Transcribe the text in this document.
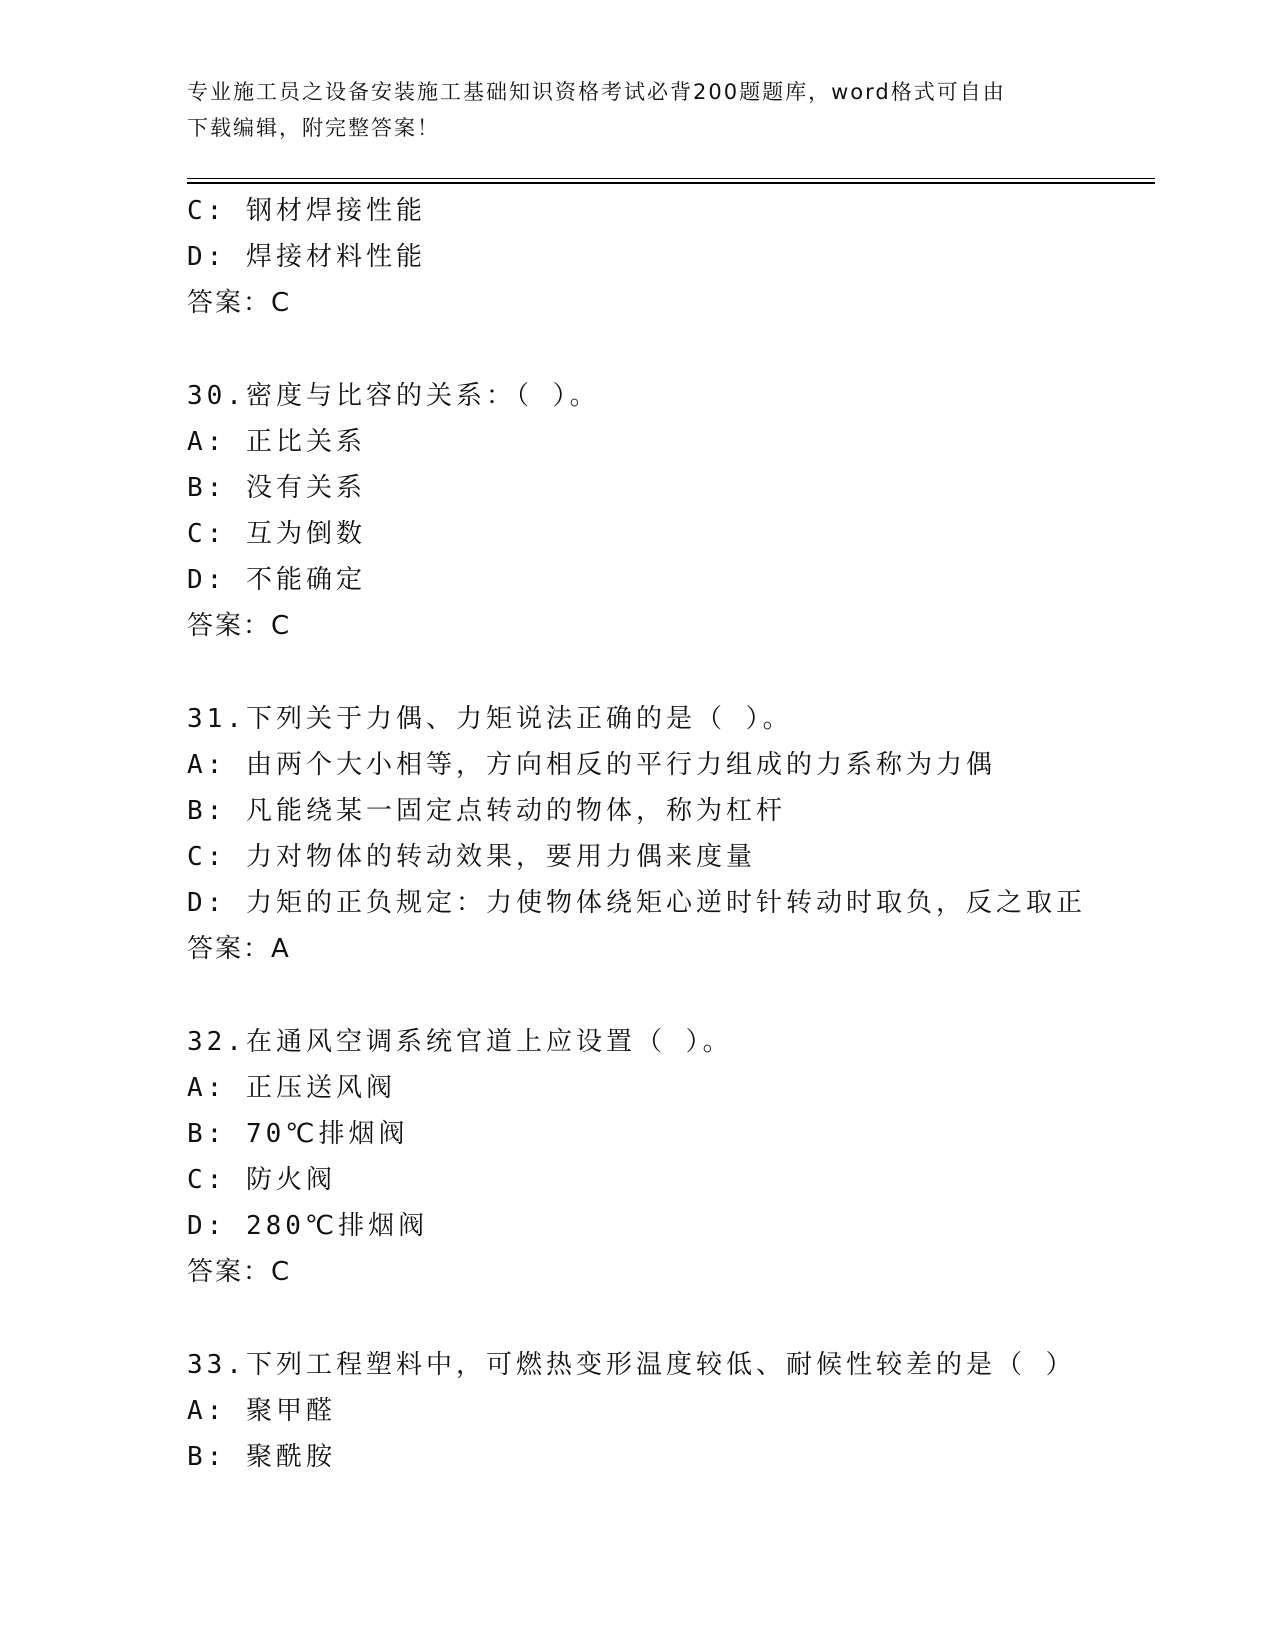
专业施工员之设备安装施工基础知识资格考试必背200题题库，word格式可自由
下载编辑，附完整答案！
C: 钢材焊接性能
D: 焊接材料性能
答案：C
30.密度与比容的关系：（ ）。
A: 正比关系
B: 没有关系
C: 互为倒数
D: 不能确定
答案：C
31.下列关于力偶、力矩说法正确的是（ ）。
A: 由两个大小相等，方向相反的平行力组成的力系称为力偶
B: 凡能绕某一固定点转动的物体，称为杠杆
C: 力对物体的转动效果，要用力偶来度量
D: 力矩的正负规定：力使物体绕矩心逆时针转动时取负，反之取正
答案：A
32.在通风空调系统官道上应设置（ ）。
A: 正压送风阀
B: 70℃排烟阀
C: 防火阀
D: 280℃排烟阀
答案：C
33.下列工程塑料中，可燃热变形温度较低、耐候性较差的是（ ）
A: 聚甲醛
B: 聚酰胺
